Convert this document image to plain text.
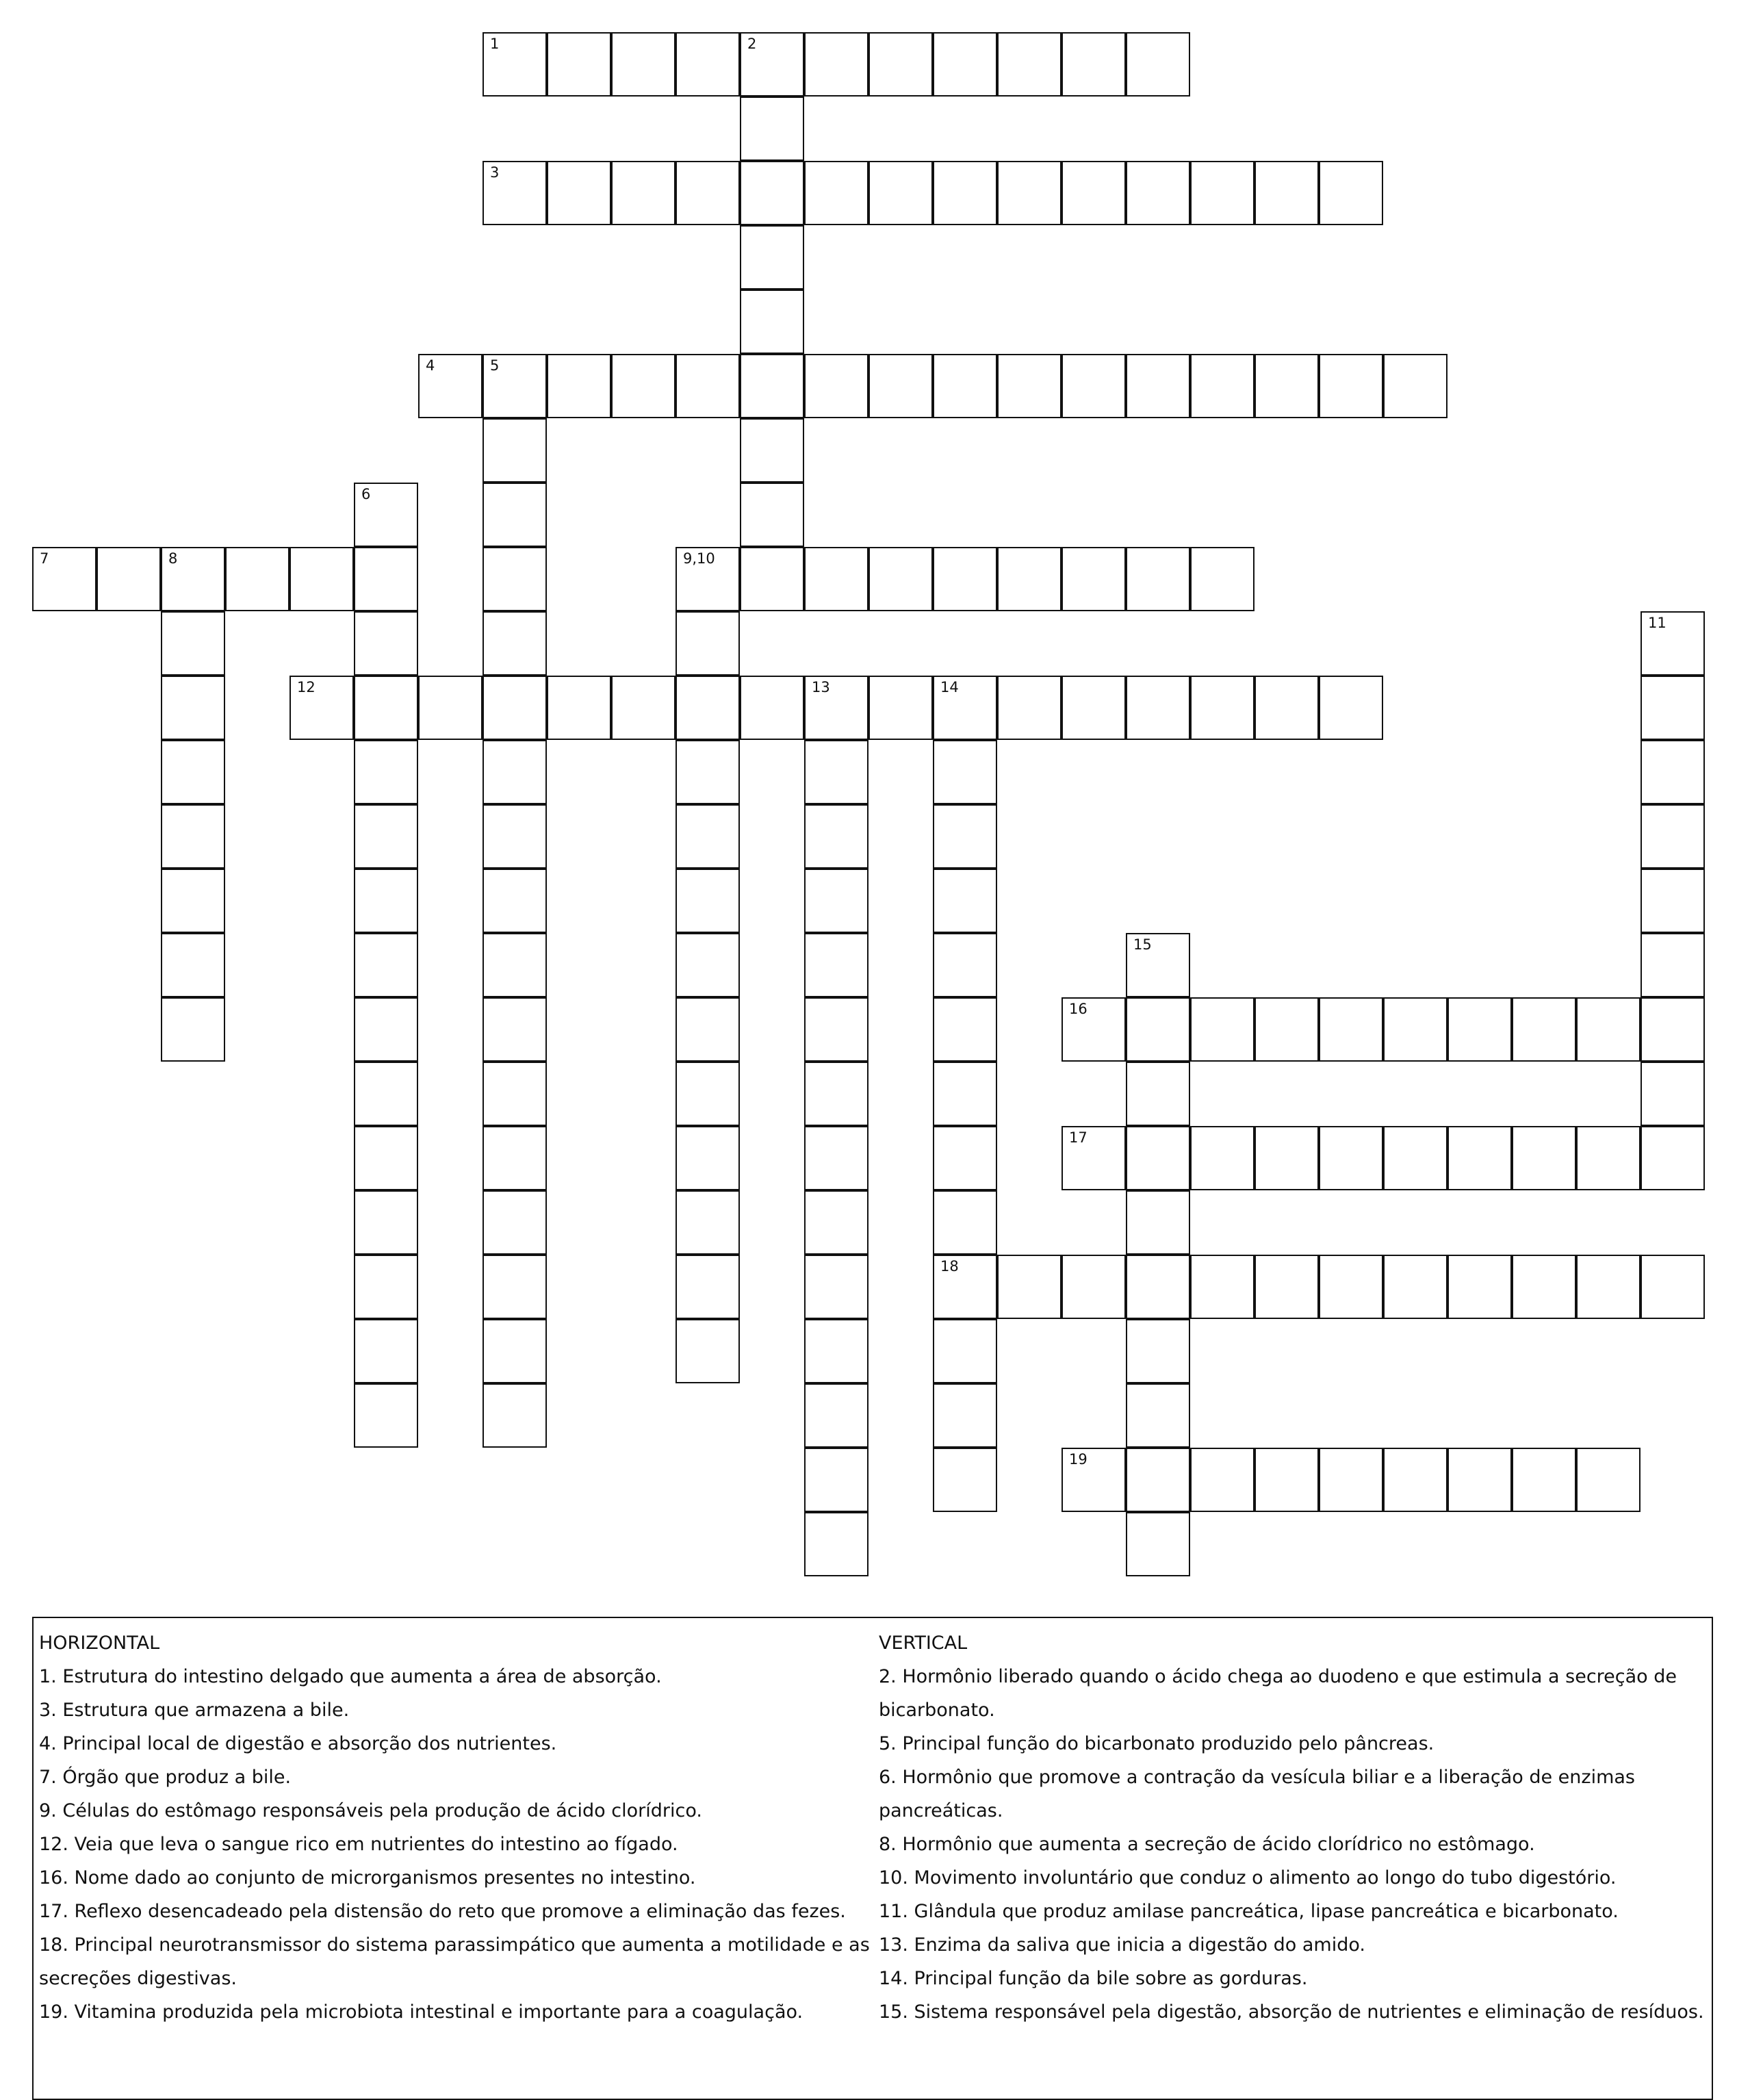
1	2
3
4	5
6
7	8	9,10
11
12	13	14
18
15
16
17
19

HORIZONTAL

1. Estrutura do intestino delgado que aumenta a área de absorção.

3. Estrutura que armazena a bile.

4. Principal local de digestão e absorção dos nutrientes.

7. Órgão que produz a bile.

9. Células do estômago responsáveis pela produção de ácido clorídrico.

12. Veia que leva o sangue rico em nutrientes do intestino ao fígado.

16. Nome dado ao conjunto de microrganismos presentes no intestino.

17. Reflexo desencadeado pela distensão do reto que promove a eliminação das fezes.

18. Principal neurotransmissor do sistema parassimpático que aumenta a motilidade e as secreções digestivas.

19. Vitamina produzida pela microbiota intestinal e importante para a coagulação.

VERTICAL

2. Hormônio liberado quando o ácido chega ao duodeno e que estimula a secreção de bicarbonato.

5. Principal função do bicarbonato produzido pelo pâncreas.

6. Hormônio que promove a contração da vesícula biliar e a liberação de enzimas pancreáticas.

8. Hormônio que aumenta a secreção de ácido clorídrico no estômago.

10. Movimento involuntário que conduz o alimento ao longo do tubo digestório.

11. Glândula que produz amilase pancreática, lipase pancreática e bicarbonato.

13. Enzima da saliva que inicia a digestão do amido.

14. Principal função da bile sobre as gorduras.

15. Sistema responsável pela digestão, absorção de nutrientes e eliminação de resíduos.
